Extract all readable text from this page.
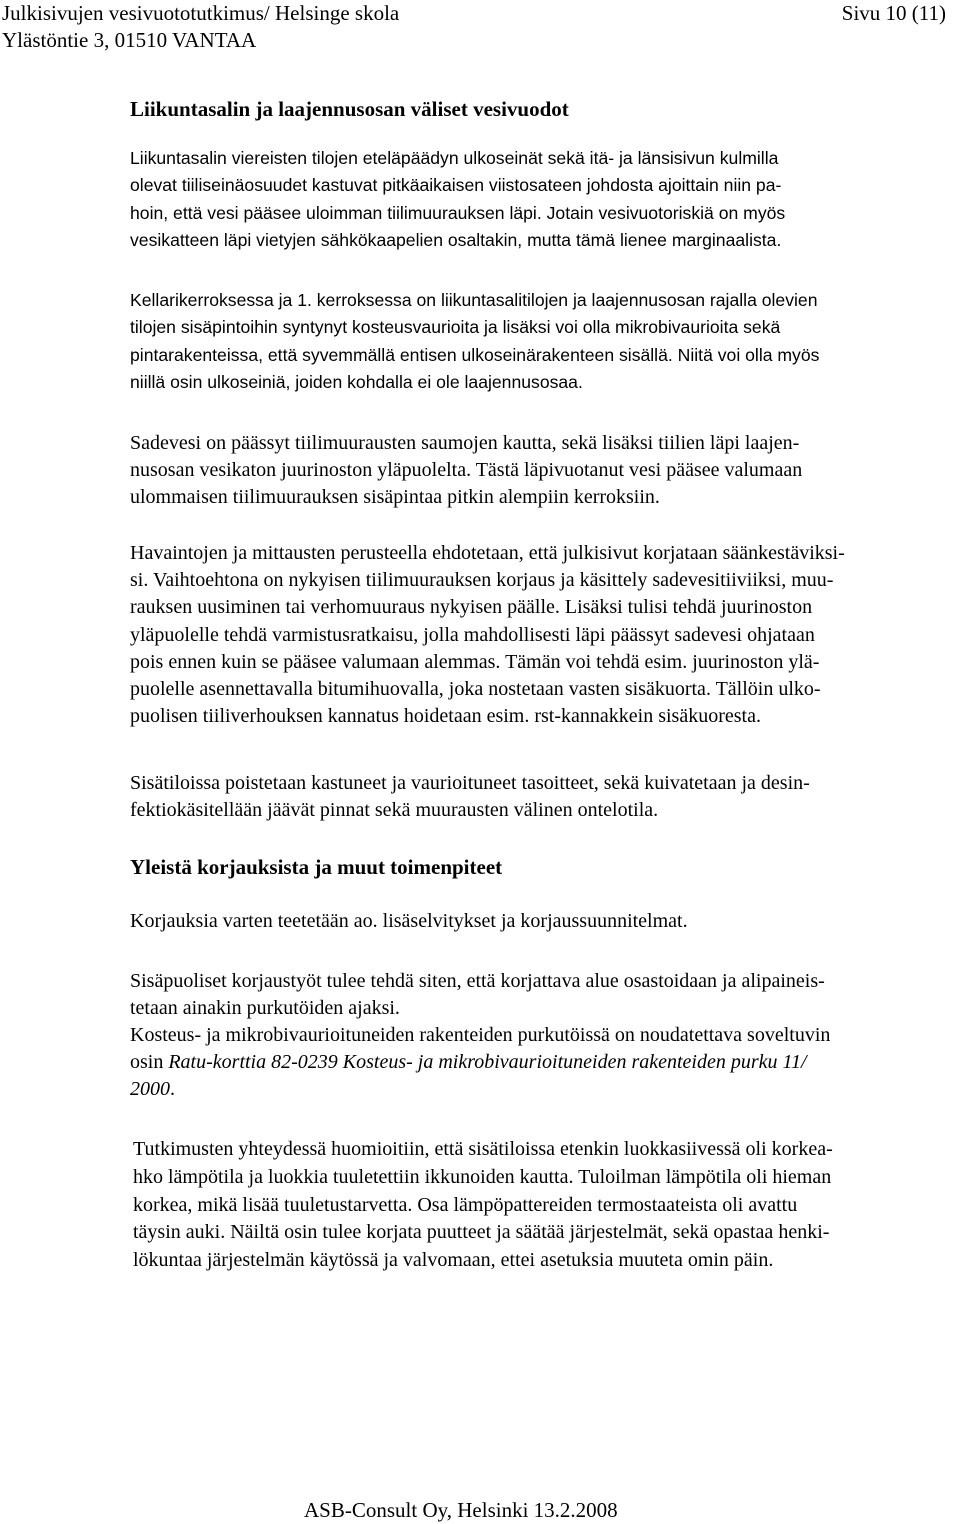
Julkisivujen vesivuototutkimus/ Helsinge skola
Ylästöntie 3, 01510 VANTAA
Sivu 10 (11)
Liikuntasalin ja laajennusosan väliset vesivuodot
Liikuntasalin viereisten tilojen eteläpäädyn ulkoseinät sekä itä- ja länsisivun kulmilla
olevat tiiliseinäosuudet kastuvat pitkäaikaisen viistosateen johdosta ajoittain niin pa-
hoin, että vesi pääsee uloimman tiilimuurauksen läpi. Jotain vesivuotoriskiä on myös
vesikatteen läpi vietyjen sähkökaapelien osaltakin, mutta tämä lienee marginaalista.
Kellarikerroksessa ja 1. kerroksessa on liikuntasalitilojen ja laajennusosan rajalla olevien
tilojen sisäpintoihin syntynyt kosteusvaurioita ja lisäksi voi olla mikrobivaurioita sekä
pintarakenteissa, että syvemmällä entisen ulkoseinärakenteen sisällä. Niitä voi olla myös
niillä osin ulkoseiniä, joiden kohdalla ei ole laajennusosaa.
Sadevesi on päässyt tiilimuurausten saumojen kautta, sekä lisäksi tiilien läpi laajen-
nusosan vesikaton juurinoston yläpuolelta. Tästä läpivuotanut vesi pääsee valumaan
ulommaisen tiilimuurauksen sisäpintaa pitkin alempiin kerroksiin.
Havaintojen ja mittausten perusteella ehdotetaan, että julkisivut korjataan säänkestäviksi-
si. Vaihtoehtona on nykyisen tiilimuurauksen korjaus ja käsittely sadevesitiiviiksi, muu-
rauksen uusiminen tai verhomuuraus nykyisen päälle. Lisäksi tulisi tehdä juurinoston
yläpuolelle tehdä varmistusratkaisu, jolla mahdollisesti läpi päässyt sadevesi ohjataan
pois ennen kuin se pääsee valumaan alemmas. Tämän voi tehdä esim. juurinoston ylä-
puolelle asennettavalla bitumihuovalla, joka nostetaan vasten sisäkuorta. Tällöin ulko-
puolisen tiiliverhouksen kannatus hoidetaan esim. rst-kannakkein sisäkuoresta.
Sisätiloissa poistetaan kastuneet ja vaurioituneet tasoitteet, sekä kuivatetaan ja desin-
fektiokäsitellään jäävät pinnat sekä muurausten välinen ontelotila.
Yleistä korjauksista ja muut toimenpiteet
Korjauksia varten teetetään ao. lisäselvitykset ja korjaussuunnitelmat.
Sisäpuoliset korjaustyöt tulee tehdä siten, että korjattava alue osastoidaan ja alipaineis-
tetaan ainakin purkutöiden ajaksi.
Kosteus- ja mikrobivaurioituneiden rakenteiden purkutöissä on noudatettava soveltuvin
osin Ratu-korttia 82-0239 Kosteus- ja mikrobivaurioituneiden rakenteiden purku 11/
2000.
Tutkimusten yhteydessä huomioitiin, että sisätiloissa etenkin luokkasiivessä oli korkea-
hko lämpötila ja luokkia tuuletettiin ikkunoiden kautta. Tuloilman lämpötila oli hieman
korkea, mikä lisää tuuletustarvetta. Osa lämpöpattereiden termostaateista oli avattu
täysin auki. Näiltä osin tulee korjata puutteet ja säätää järjestelmät, sekä opastaa henki-
lökuntaa järjestelmän käytössä ja valvomaan, ettei asetuksia muuteta omin päin.
ASB-Consult Oy, Helsinki 13.2.2008
